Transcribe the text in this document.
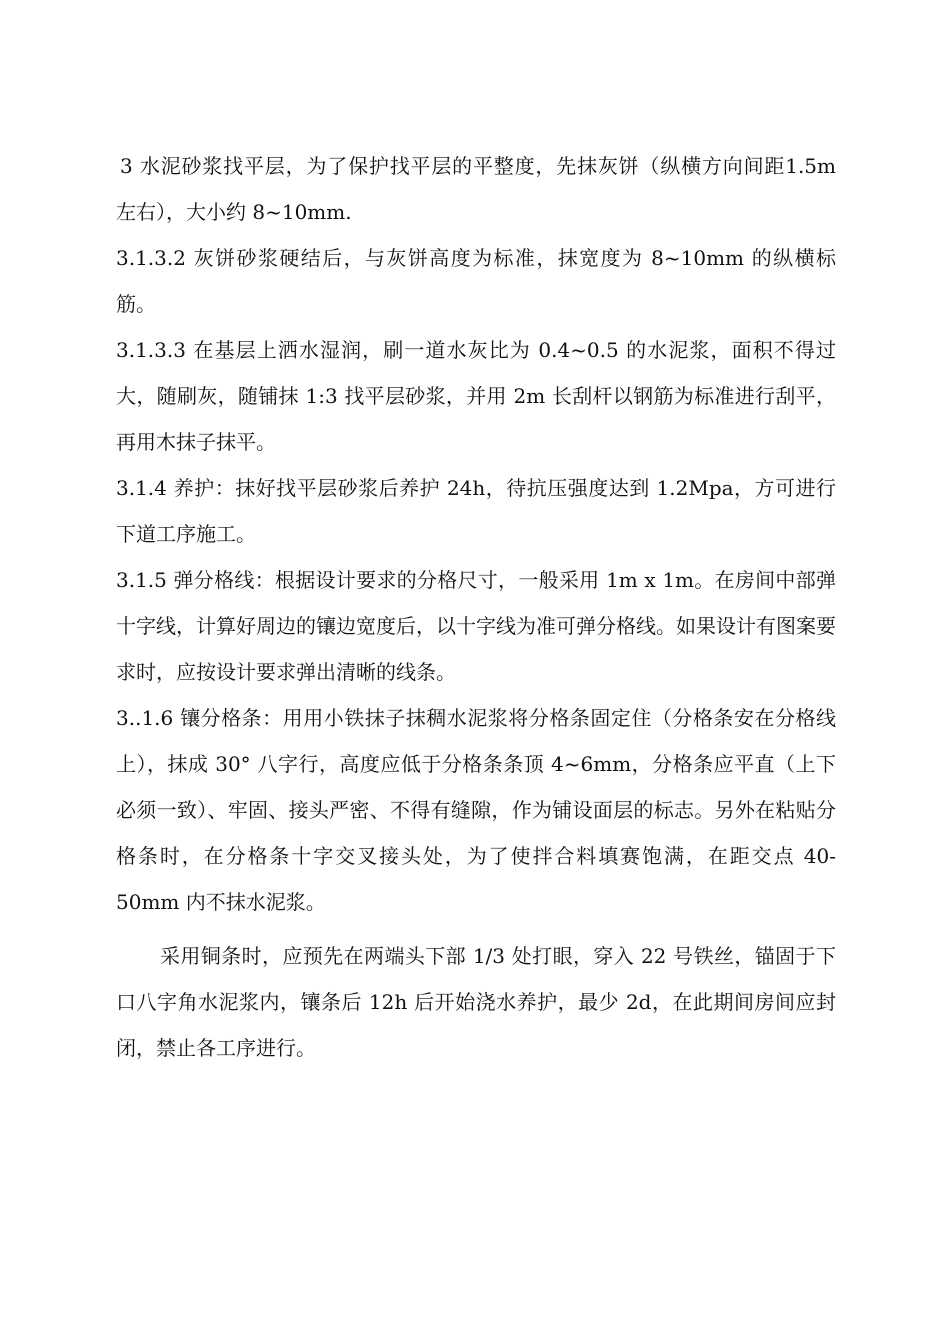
3 水泥砂浆找平层，为了保护找平层的平整度，先抹灰饼（纵横方向间距1.5m 左右），大小约 8~10mm.

3.1.3.2 灰饼砂浆硬结后，与灰饼高度为标准，抹宽度为 8~10mm 的纵横标筋。

3.1.3.3 在基层上洒水湿润，刷一道水灰比为 0.4~0.5 的水泥浆，面积不得过大，随刷灰，随铺抹 1:3 找平层砂浆，并用 2m 长刮杆以钢筋为标准进行刮平，再用木抹子抹平。

3.1.4 养护：抹好找平层砂浆后养护 24h，待抗压强度达到 1.2Mpa，方可进行下道工序施工。

3.1.5 弹分格线：根据设计要求的分格尺寸，一般采用 1m x 1m。在房间中部弹十字线，计算好周边的镶边宽度后，以十字线为准可弹分格线。如果设计有图案要求时，应按设计要求弹出清晰的线条。

3..1.6 镶分格条：用用小铁抹子抹稠水泥浆将分格条固定住（分格条安在分格线上），抹成 30° 八字行，高度应低于分格条条顶 4~6mm，分格条应平直（上下必须一致）、牢固、接头严密、不得有缝隙，作为铺设面层的标志。另外在粘贴分格条时，在分格条十字交叉接头处，为了使拌合料填赛饱满，在距交点 40-50mm 内不抹水泥浆。

采用铜条时，应预先在两端头下部 1/3 处打眼，穿入 22 号铁丝，锚固于下口八字角水泥浆内，镶条后 12h 后开始浇水养护，最少 2d，在此期间房间应封闭，禁止各工序进行。
